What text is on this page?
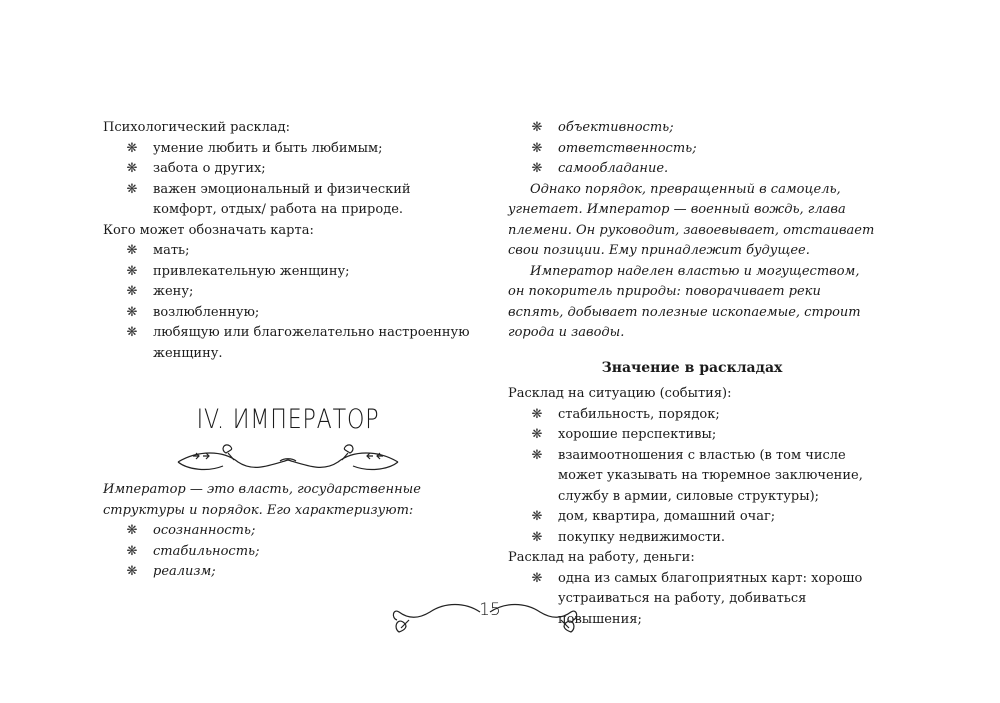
Психологический расклад:

❋ умение любить и быть любимым;
❋ забота о других;
❋ важен эмоциональный и физический комфорт, отдых/ работа на природе.

Кого может обозначать карта:

❋ мать;
❋ привлекательную женщину;
❋ жену;
❋ возлюбленную;
❋ любящую или благожелательно настроенную женщину.
IV. ИМПЕРАТОР

Император — это власть, государственные структуры и порядок. Его характеризуют:

❋ осознанность;
❋ стабильность;
❋ реализм;
❋ объективность;
❋ ответственность;
❋ самообладание.

Однако порядок, превращенный в самоцель, угнетает. Император — военный вождь, глава племени. Он руководит, завоевывает, отстаивает свои позиции. Ему принадлежит будущее.

Император наделен властью и могуществом, он покоритель природы: поворачивает реки вспять, добывает полезные ископаемые, строит города и заводы.

Значение в раскладах

Расклад на ситуацию (события):

❋ стабильность, порядок;
❋ хорошие перспективы;
❋ взаимоотношения с властью (в том числе может указывать на тюремное заключение, службу в армии, силовые структуры);
❋ дом, квартира, домашний очаг;
❋ покупку недвижимости.

Расклад на работу, деньги:

❋ одна из самых благоприятных карт: хорошо устраиваться на работу, добиваться повышения;
15
